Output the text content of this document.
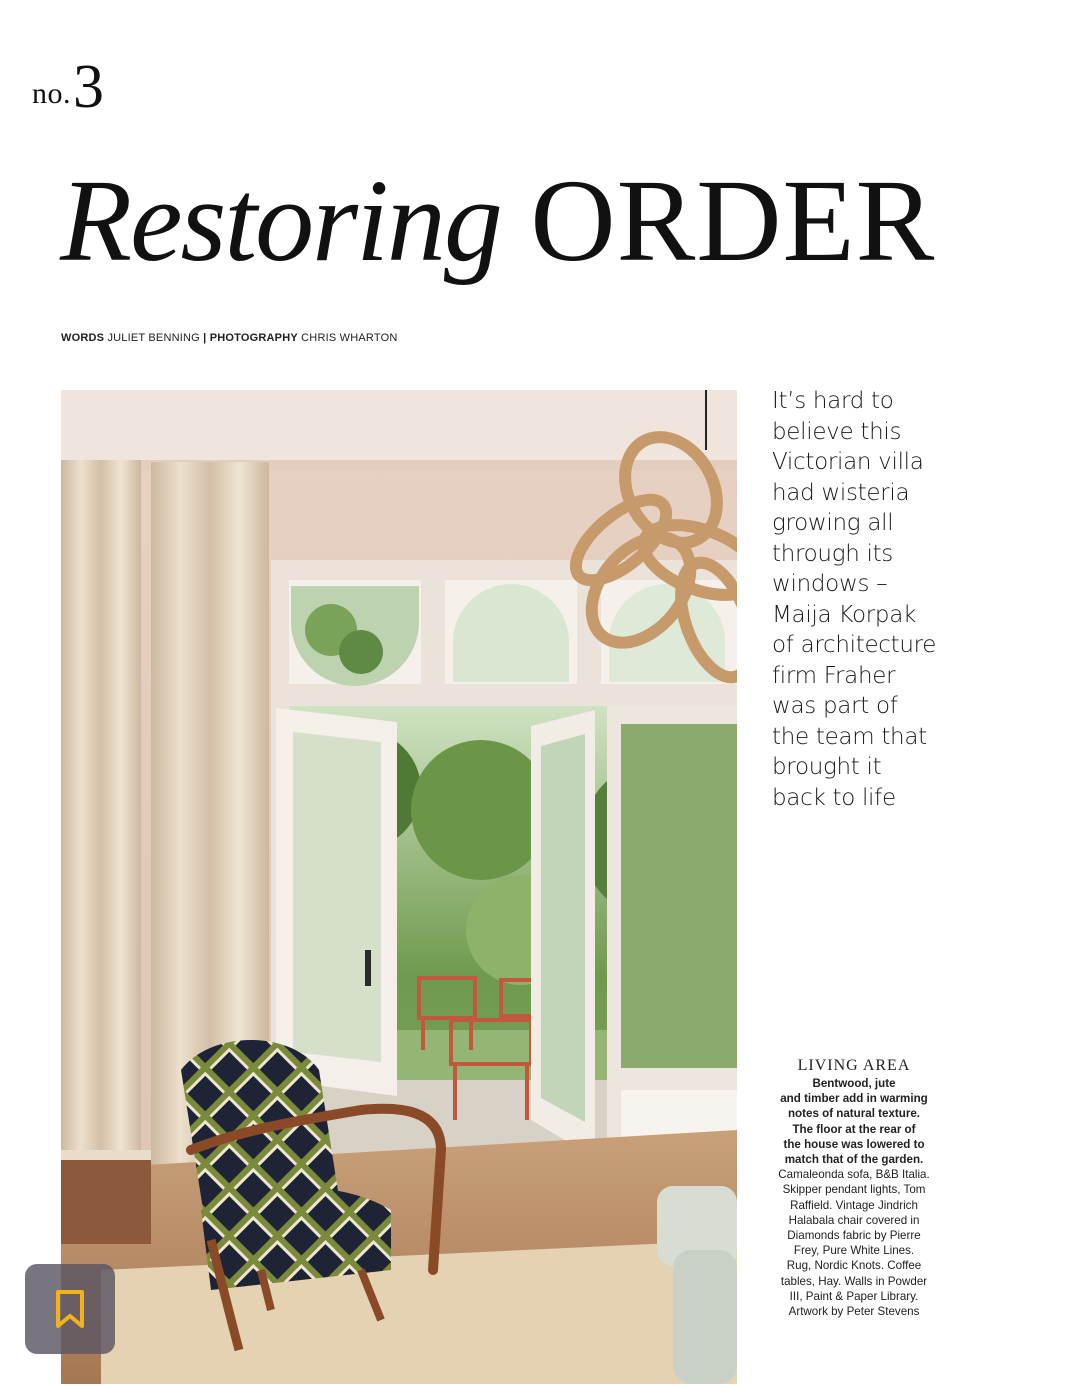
no.3
Restoring ORDER
WORDS JULIET BENNING | PHOTOGRAPHY CHRIS WHARTON
It’s hard to
believe this
Victorian villa
had wisteria
growing all
through its
windows –
Maija Korpak
of architecture
firm Fraher
was part of
the team that
brought it
back to life
LIVING AREA
Bentwood, jute
and timber add in warming
notes of natural texture.
The floor at the rear of
the house was lowered to
match that of the garden.
Camaleonda sofa, B&B Italia.
Skipper pendant lights, Tom
Raffield. Vintage Jindrich
Halabala chair covered in
Diamonds fabric by Pierre
Frey, Pure White Lines.
Rug, Nordic Knots. Coffee
tables, Hay. Walls in Powder
III, Paint & Paper Library.
Artwork by Peter Stevens
